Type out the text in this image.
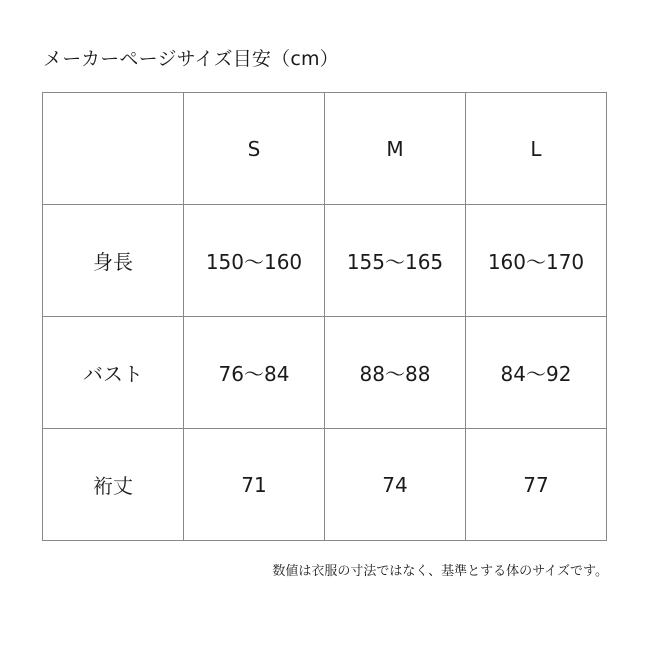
メーカーページサイズ目安（cm）
	S	M	L
身長	150～160	155～165	160～170
バスト	76～84	88～88	84～92
裄丈	71	74	77
数値は衣服の寸法ではなく、基準とする体のサイズです。
